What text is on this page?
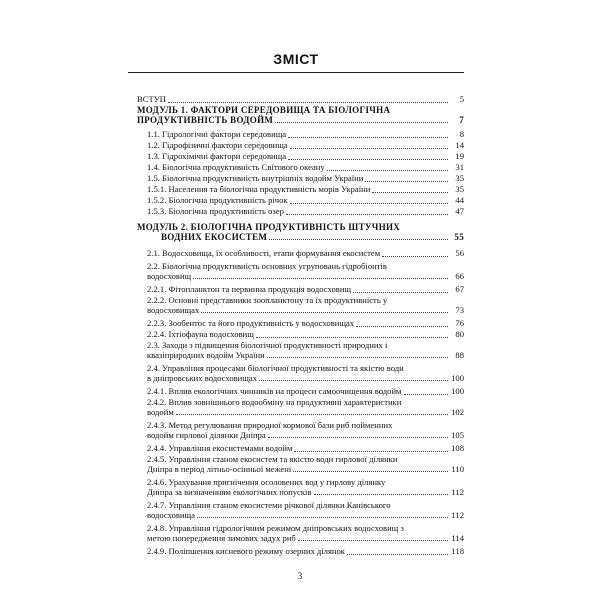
ЗМІСТ
ВСТУП	5
МОДУЛЬ 1. ФАКТОРИ СЕРЕДОВИЩА ТА БІОЛОГІЧНА
ПРОДУКТИВНІСТЬ ВОДОЙМ	7
1.1. Гідрологічні фактори середовища	8
1.2. Гідрофізичні фактори середовища	14
1.3. Гідрохімічні фактори середовища	19
1.4. Біологічна продуктивність Світового океану	31
1.5. Біологічна продуктивність внутрішніх водойм України	35
1.5.1. Населення та біологічна продуктивність морів України	35
1.5.2. Біологічна продуктивність річок	44
1.5.3. Біологічна продуктивність озер	47
МОДУЛЬ 2. БІОЛОГІЧНА ПРОДУКТИВНІСТЬ ШТУЧНИХ
ВОДНИХ ЕКОСИСТЕМ	55
2.1. Водосховища, їх особливості, етапи формування екосистем	56
2.2. Біологічна продуктивність основних угруповань гідробіонтів
водосховищ	66
2.2.1. Фітопланктон та первинна продукція водосховищ	67
2.2.2. Основні представники зоопланктону та їх продуктивність у
водосховищах	73
2.2.3. Зообентос та його продуктивність у водосховищах	76
2.2.4. Іхтіофауна водосховищ	80
2.3. Заходи з підвищення біологічної продуктивності природних і
квазіприродних водойм України	88
2.4. Управління процесами біологічної продуктивності та якістю води
в дніпровських водосховищах	100
2.4.1. Вплив екологічних чинників на процеси самоочищення водойм	100
2.4.2. Вплив зовнішнього водообміну на продуктивні характеристики
водойм	102
2.4.3. Метод регулювання природної кормової бази риб пойменних
водойм гирлової ділянки Дніпра	105
2.4.4. Управління екосистемами водойм	108
2.4.5. Управління станом екосистем та якістю води гирлової ділянки
Дніпра в період літньо-осінньої межені	110
2.4.6. Урахування пригнічення осоловених вод у гирлову ділянку
Дніпра за визначенням екологічних попусків	112
2.4.7. Управління станом екосистеми річкової ділянки Канівського
водосховища	112
2.4.8. Управління гідрологічним режимом дніпровських водосховищ з
метою попередження зимових задух риб	114
2.4.9. Поліпшення кисневого режиму озерних ділянок	118
3
